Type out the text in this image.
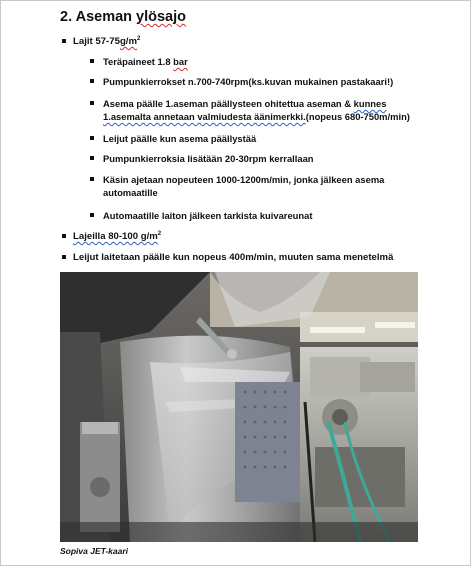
2. Aseman ylösajo
Lajit $57-75g/m^2$
Teräpaineet 1.8 bar
Pumpunkierrokset n.700-740rpm(ks.kuvan mukainen pastakaari!)
Asema päälle 1.aseman päällysteen ohitettua aseman & kunnes
1.asemalta annetaan valmiudesta äänimerkki.(nopeus 680-750m/min)
Leijut päälle kun asema päällystää
Pumpunkierroksia lisätään 20-30rpm kerrallaan
Käsin ajetaan nopeuteen 1000-1200m/min, jonka jälkeen asema
automaatille
Automaatille laiton jälkeen tarkista kuivareunat
Lajeilla 80-100 $g/m^2$
Leijut laitetaan päälle kun nopeus 400m/min, muuten sama menetelmä
Sopiva JET-kaari
